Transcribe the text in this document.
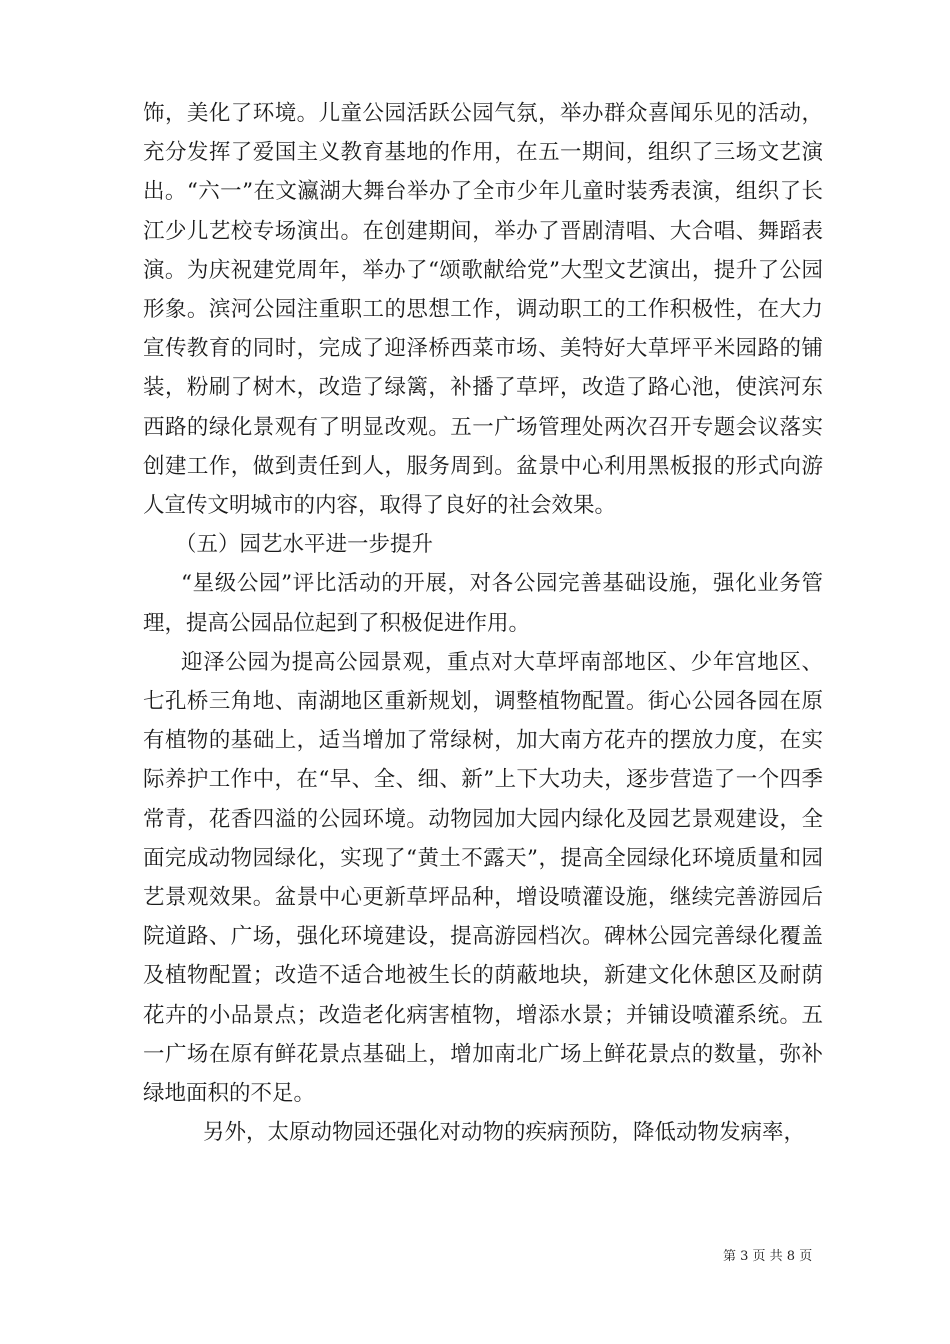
饰，美化了环境。儿童公园活跃公园气氛，举办群众喜闻乐见的活动，充分发挥了爱国主义教育基地的作用，在五一期间，组织了三场文艺演出。“六一”在文瀛湖大舞台举办了全市少年儿童时装秀表演，组织了长江少儿艺校专场演出。在创建期间，举办了晋剧清唱、大合唱、舞蹈表演。为庆祝建党周年，举办了“颂歌献给党”大型文艺演出，提升了公园形象。滨河公园注重职工的思想工作，调动职工的工作积极性，在大力宣传教育的同时，完成了迎泽桥西菜市场、美特好大草坪平米园路的铺装，粉刷了树木，改造了绿篱，补播了草坪，改造了路心池，使滨河东西路的绿化景观有了明显改观。五一广场管理处两次召开专题会议落实创建工作，做到责任到人，服务周到。盆景中心利用黑板报的形式向游人宣传文明城市的内容，取得了良好的社会效果。

（五）园艺水平进一步提升

“星级公园”评比活动的开展，对各公园完善基础设施，强化业务管理，提高公园品位起到了积极促进作用。

迎泽公园为提高公园景观，重点对大草坪南部地区、少年宫地区、七孔桥三角地、南湖地区重新规划，调整植物配置。街心公园各园在原有植物的基础上，适当增加了常绿树，加大南方花卉的摆放力度，在实际养护工作中，在“早、全、细、新”上下大功夫，逐步营造了一个四季常青，花香四溢的公园环境。动物园加大园内绿化及园艺景观建设，全面完成动物园绿化，实现了“黄土不露天”，提高全园绿化环境质量和园艺景观效果。盆景中心更新草坪品种，增设喷灌设施，继续完善游园后院道路、广场，强化环境建设，提高游园档次。碑林公园完善绿化覆盖及植物配置；改造不适合地被生长的荫蔽地块，新建文化休憩区及耐荫花卉的小品景点；改造老化病害植物，增添水景；并铺设喷灌系统。五一广场在原有鲜花景点基础上，增加南北广场上鲜花景点的数量，弥补绿地面积的不足。

另外，太原动物园还强化对动物的疾病预防，降低动物发病率，

第 3 页 共 8 页
